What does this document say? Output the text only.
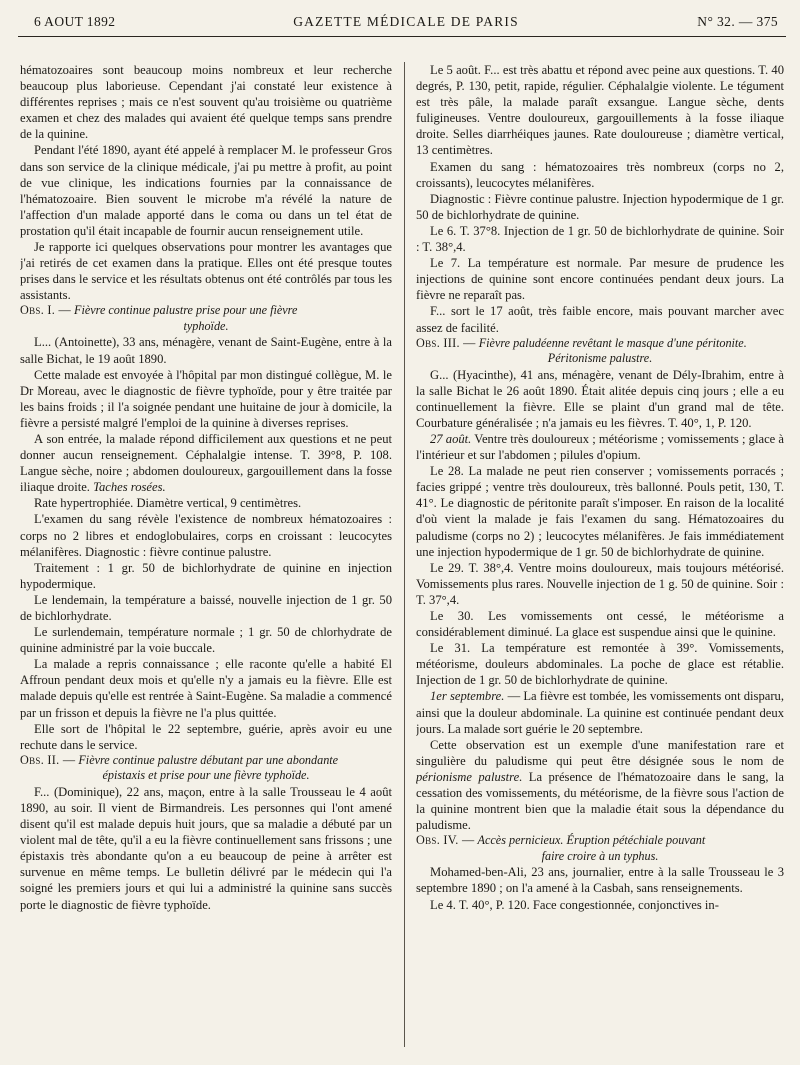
6 AOUT 1892	GAZETTE MÉDICALE DE PARIS	N° 32. — 375

hématozoaires sont beaucoup moins nombreux et leur recherche beaucoup plus laborieuse. Cependant j'ai constaté leur existence à différentes reprises ; mais ce n'est souvent qu'au troisième ou quatrième examen et chez des malades qui avaient été quelque temps sans prendre de la quinine.

Pendant l'été 1890, ayant été appelé à remplacer M. le professeur Gros dans son service de la clinique médicale, j'ai pu mettre à profit, au point de vue clinique, les indications fournies par la connaissance de l'hématozoaire. Bien souvent le microbe m'a révélé la nature de l'affection d'un malade apporté dans le coma ou dans un tel état de prostation qu'il était incapable de fournir aucun renseignement utile.

Je rapporte ici quelques observations pour montrer les avantages que j'ai retirés de cet examen dans la pratique. Elles ont été presque toutes prises dans le service et les résultats obtenus ont été contrôlés par tous les assistants.

Obs. I. — Fièvre continue palustre prise pour une fièvre
typhoïde.

L... (Antoinette), 33 ans, ménagère, venant de Saint-Eugène, entre à la salle Bichat, le 19 août 1890.

Cette malade est envoyée à l'hôpital par mon distingué collègue, M. le Dr Moreau, avec le diagnostic de fièvre typhoïde, pour y être traitée par les bains froids ; il l'a soignée pendant une huitaine de jour à domicile, la fièvre a persisté malgré l'emploi de la quinine à diverses reprises.

A son entrée, la malade répond difficilement aux questions et ne peut donner aucun renseignement. Céphalalgie intense. T. 39°8, P. 108. Langue sèche, noire ; abdomen douloureux, gargouillement dans la fosse iliaque droite. Taches rosées.

Rate hypertrophiée. Diamètre vertical, 9 centimètres.

L'examen du sang révèle l'existence de nombreux hématozoaires : corps no 2 libres et endoglobulaires, corps en croissant : leucocytes mélanifères. Diagnostic : fièvre continue palustre.

Traitement : 1 gr. 50 de bichlorhydrate de quinine en injection hypodermique.

Le lendemain, la température a baissé, nouvelle injection de 1 gr. 50 de bichlorhydrate.

Le surlendemain, température normale ; 1 gr. 50 de chlorhydrate de quinine administré par la voie buccale.

La malade a repris connaissance ; elle raconte qu'elle a habité El Affroun pendant deux mois et qu'elle n'y a jamais eu la fièvre. Elle est malade depuis qu'elle est rentrée à Saint-Eugène. Sa maladie a commencé par un frisson et depuis la fièvre ne l'a plus quittée.

Elle sort de l'hôpital le 22 septembre, guérie, après avoir eu une rechute dans le service.

Obs. II. — Fièvre continue palustre débutant par une abondante
épistaxis et prise pour une fièvre typhoïde.

F... (Dominique), 22 ans, maçon, entre à la salle Trousseau le 4 août 1890, au soir. Il vient de Birmandreis. Les personnes qui l'ont amené disent qu'il est malade depuis huit jours, que sa maladie a débuté par un violent mal de tête, qu'il a eu la fièvre continuellement sans frissons ; une épistaxis très abondante qu'on a eu beaucoup de peine à arrêter est survenue en même temps. Le bulletin délivré par le médecin qui l'a soigné les premiers jours et qui lui a administré la quinine sans succès porte le diagnostic de fièvre typhoïde.

Le 5 août. F... est très abattu et répond avec peine aux questions. T. 40 degrés, P. 130, petit, rapide, régulier. Céphalalgie violente. Le tégument est très pâle, la malade paraît exsangue. Langue sèche, dents fuligineuses. Ventre douloureux, gargouillements à la fosse iliaque droite. Selles diarrhéiques jaunes. Rate douloureuse ; diamètre vertical, 13 centimètres.

Examen du sang : hématozoaires très nombreux (corps no 2, croissants), leucocytes mélanifères.

Diagnostic : Fièvre continue palustre. Injection hypodermique de 1 gr. 50 de bichlorhydrate de quinine.

Le 6. T. 37°8. Injection de 1 gr. 50 de bichlorhydrate de quinine. Soir : T. 38°,4.

Le 7. La température est normale. Par mesure de prudence les injections de quinine sont encore continuées pendant deux jours. La fièvre ne reparaît pas.

F... sort le 17 août, très faible encore, mais pouvant marcher avec assez de facilité.

Obs. III. — Fièvre paludéenne revêtant le masque d'une péritonite.
Péritonisme palustre.

G... (Hyacinthe), 41 ans, ménagère, venant de Dély-Ibrahim, entre à la salle Bichat le 26 août 1890. Était alitée depuis cinq jours ; elle a eu continuellement la fièvre. Elle se plaint d'un grand mal de tête. Courbature généralisée ; n'a jamais eu les fièvres. T. 40°, 1, P. 120.

27 août. Ventre très douloureux ; météorisme ; vomissements ; glace à l'intérieur et sur l'abdomen ; pilules d'opium.

Le 28. La malade ne peut rien conserver ; vomissements porracés ; facies grippé ; ventre très douloureux, très ballonné. Pouls petit, 130, T. 41°. Le diagnostic de péritonite paraît s'imposer. En raison de la localité d'où vient la malade je fais l'examen du sang. Hématozoaires du paludisme (corps no 2) ; leucocytes mélanifères. Je fais immédiatement une injection hypodermique de 1 gr. 50 de bichlorhydrate de quinine.

Le 29. T. 38°,4. Ventre moins douloureux, mais toujours météorisé. Vomissements plus rares. Nouvelle injection de 1 g. 50 de quinine. Soir : T. 37°,4.

Le 30. Les vomissements ont cessé, le météorisme a considérablement diminué. La glace est suspendue ainsi que le quinine.

Le 31. La température est remontée à 39°. Vomissements, météorisme, douleurs abdominales. La poche de glace est rétablie. Injection de 1 gr. 50 de bichlorhydrate de quinine.

1er septembre. — La fièvre est tombée, les vomissements ont disparu, ainsi que la douleur abdominale. La quinine est continuée pendant deux jours. La malade sort guérie le 20 septembre.

Cette observation est un exemple d'une manifestation rare et singulière du paludisme qui peut être désignée sous le nom de périonisme palustre. La présence de l'hématozoaire dans le sang, la cessation des vomissements, du météorisme, de la fièvre sous l'action de la quinine montrent bien que la maladie était sous la dépendance du paludisme.

Obs. IV. — Accès pernicieux. Éruption pétéchiale pouvant
faire croire à un typhus.

Mohamed-ben-Ali, 23 ans, journalier, entre à la salle Trousseau le 3 septembre 1890 ; on l'a amené à la Casbah, sans renseignements.

Le 4. T. 40°, P. 120. Face congestionnée, conjonctives in-
